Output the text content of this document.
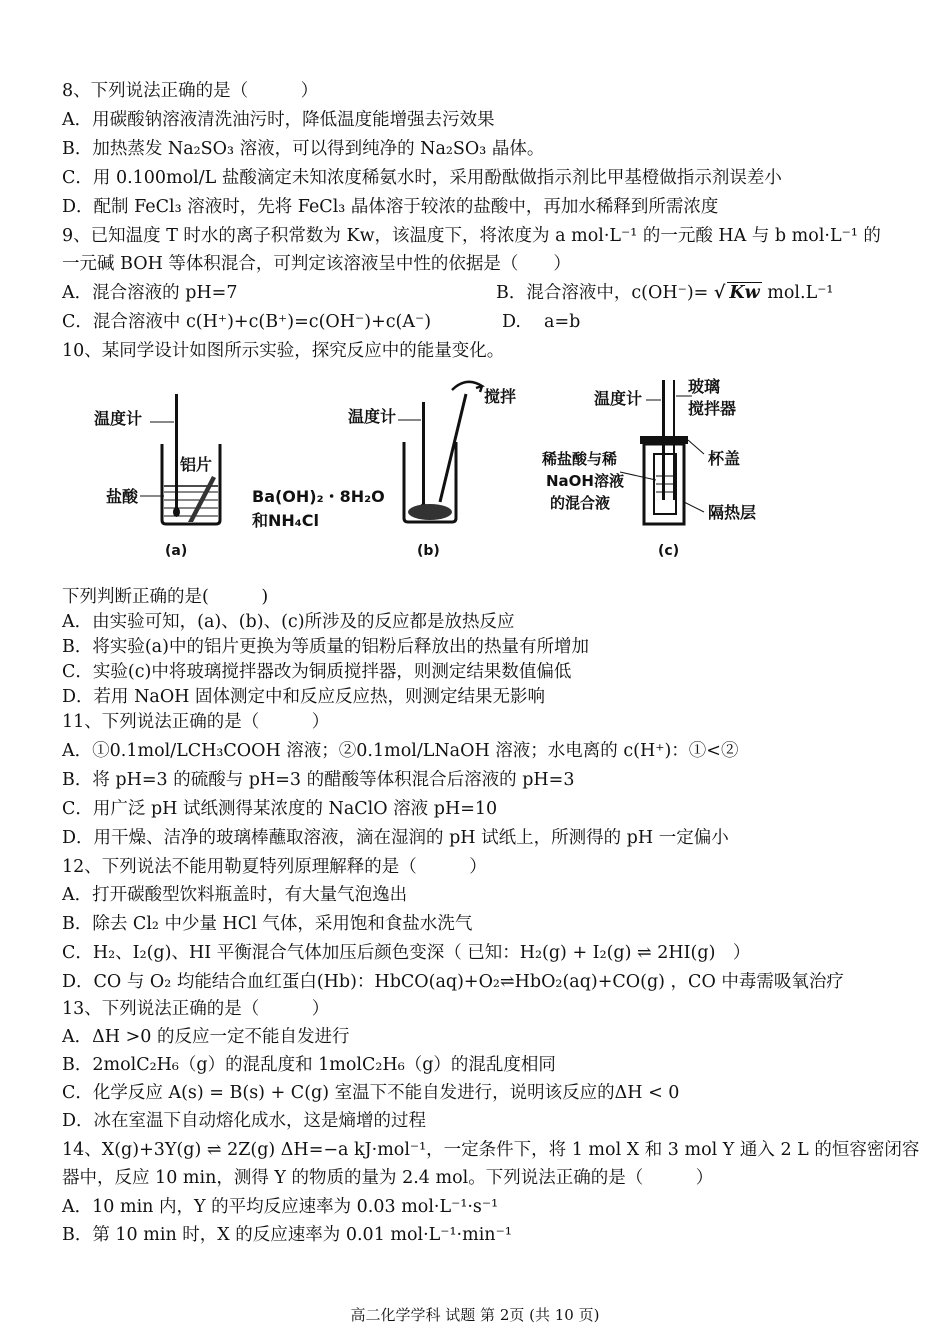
8、下列说法正确的是（　　　）
A．用碳酸钠溶液清洗油污时，降低温度能增强去污效果
B．加热蒸发 Na₂SO₃ 溶液，可以得到纯净的 Na₂SO₃ 晶体。
C．用 0.100mol/L 盐酸滴定未知浓度稀氨水时，采用酚酞做指示剂比甲基橙做指示剂误差小
D．配制 FeCl₃ 溶液时，先将 FeCl₃ 晶体溶于较浓的盐酸中，再加水稀释到所需浓度
9、已知温度 T 时水的离子积常数为 Kw，该温度下，将浓度为 a mol·L⁻¹ 的一元酸 HA 与 b mol·L⁻¹ 的
一元碱 BOH 等体积混合，可判定该溶液呈中性的依据是（　　）
A．混合溶液的 pH=7	B．混合溶液中，c(OH⁻)= √ Kw mol.L⁻¹
C．混合溶液中 c(H⁺)+c(B⁺)=c(OH⁻)+c(A⁻)	D.　 a=b
10、某同学设计如图所示实验，探究反应中的能量变化。
温度计
铝片
盐酸
(a)
温度计
搅拌
Ba(OH)₂・8H₂O
和NH₄Cl
(b)
温度计
玻璃
搅拌器
杯盖
稀盐酸与稀
NaOH溶液
的混合液	隔热层
(c)
下列判断正确的是(　　　)
A．由实验可知，(a)、(b)、(c)所涉及的反应都是放热反应
B．将实验(a)中的铝片更换为等质量的铝粉后释放出的热量有所增加
C．实验(c)中将玻璃搅拌器改为铜质搅拌器，则测定结果数值偏低
D．若用 NaOH 固体测定中和反应反应热，则测定结果无影响
11、下列说法正确的是（　　　）
A．①0.1mol/LCH₃COOH 溶液；②0.1mol/LNaOH 溶液；水电离的 c(H⁺)：①<②
B．将 pH=3 的硫酸与 pH=3 的醋酸等体积混合后溶液的 pH=3
C．用广泛 pH 试纸测得某浓度的 NaClO 溶液 pH=10
D．用干燥、洁净的玻璃棒蘸取溶液，滴在湿润的 pH 试纸上，所测得的 pH 一定偏小
12、下列说法不能用勒夏特列原理解释的是（　　　）
A．打开碳酸型饮料瓶盖时，有大量气泡逸出
B．除去 Cl₂ 中少量 HCl 气体，采用饱和食盐水洗气
C．H₂、I₂(g)、HI 平衡混合气体加压后颜色变深（ 已知：H₂(g) + I₂(g) ⇌ 2HI(g)　）
D．CO 与 O₂ 均能结合血红蛋白(Hb)：HbCO(aq)+O₂⇌HbO₂(aq)+CO(g) ，CO 中毒需吸氧治疗
13、下列说法正确的是（　　　）
A．ΔH >0 的反应一定不能自发进行
B．2molC₂H₆（g）的混乱度和 1molC₂H₆（g）的混乱度相同
C．化学反应 A(s) = B(s) + C(g) 室温下不能自发进行，说明该反应的ΔH < 0
D．冰在室温下自动熔化成水，这是熵增的过程
14、X(g)+3Y(g) ⇌ 2Z(g) ΔH=−a kJ·mol⁻¹，一定条件下，将 1 mol X 和 3 mol Y 通入 2 L 的恒容密闭容
器中，反应 10 min，测得 Y 的物质的量为 2.4 mol。下列说法正确的是（　　　）
A．10 min 内，Y 的平均反应速率为 0.03 mol·L⁻¹·s⁻¹
B．第 10 min 时，X 的反应速率为 0.01 mol·L⁻¹·min⁻¹
高二化学学科 试题 第 2页 (共 10 页)
